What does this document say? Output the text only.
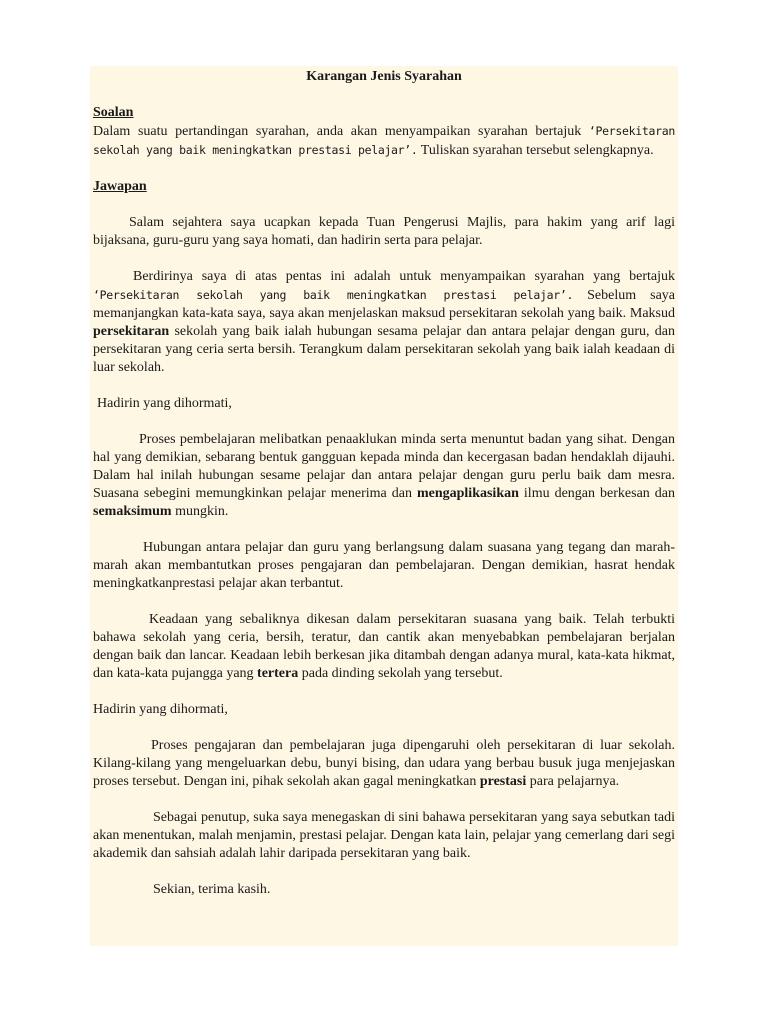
Karangan Jenis Syarahan

Soalan

Dalam suatu pertandingan syarahan, anda akan menyampaikan syarahan bertajuk ‘Persekitaran sekolah yang baik meningkatkan prestasi pelajar’. Tuliskan syarahan tersebut selengkapnya.

Jawapan

Salam sejahtera saya ucapkan kepada Tuan Pengerusi Majlis, para hakim yang arif lagi bijaksana, guru-guru yang saya homati, dan hadirin serta para pelajar.

Berdirinya saya di atas pentas ini adalah untuk menyampaikan syarahan yang bertajuk ‘Persekitaran sekolah yang baik meningkatkan prestasi pelajar’. Sebelum saya memanjangkan kata-kata saya, saya akan menjelaskan maksud persekitaran sekolah yang baik. Maksud persekitaran sekolah yang baik ialah hubungan sesama pelajar dan antara pelajar dengan guru, dan persekitaran yang ceria serta bersih. Terangkum dalam persekitaran sekolah yang baik ialah keadaan di luar sekolah.

Hadirin yang dihormati,

Proses pembelajaran melibatkan penaaklukan minda serta menuntut badan yang sihat. Dengan hal yang demikian, sebarang bentuk gangguan kepada minda dan kecergasan badan hendaklah dijauhi. Dalam hal inilah hubungan sesame pelajar dan antara pelajar dengan guru perlu baik dam mesra. Suasana sebegini memungkinkan pelajar menerima dan mengaplikasikan ilmu dengan berkesan dan semaksimum mungkin.

Hubungan antara pelajar dan guru yang berlangsung dalam suasana yang tegang dan marah-marah akan membantutkan proses pengajaran dan pembelajaran. Dengan demikian, hasrat hendak meningkatkanprestasi pelajar akan terbantut.

Keadaan yang sebaliknya dikesan dalam persekitaran suasana yang baik. Telah terbukti bahawa sekolah yang ceria, bersih, teratur, dan cantik akan menyebabkan pembelajaran berjalan dengan baik dan lancar. Keadaan lebih berkesan jika ditambah dengan adanya mural, kata-kata hikmat, dan kata-kata pujangga yang tertera pada dinding sekolah yang tersebut.

Hadirin yang dihormati,

Proses pengajaran dan pembelajaran juga dipengaruhi oleh persekitaran di luar sekolah. Kilang-kilang yang mengeluarkan debu, bunyi bising, dan udara yang berbau busuk juga menjejaskan proses tersebut. Dengan ini, pihak sekolah akan gagal meningkatkan prestasi para pelajarnya.

Sebagai penutup, suka saya menegaskan di sini bahawa persekitaran yang saya sebutkan tadi akan menentukan, malah menjamin, prestasi pelajar. Dengan kata lain, pelajar yang cemerlang dari segi akademik dan sahsiah adalah lahir daripada persekitaran yang baik.

Sekian, terima kasih.
